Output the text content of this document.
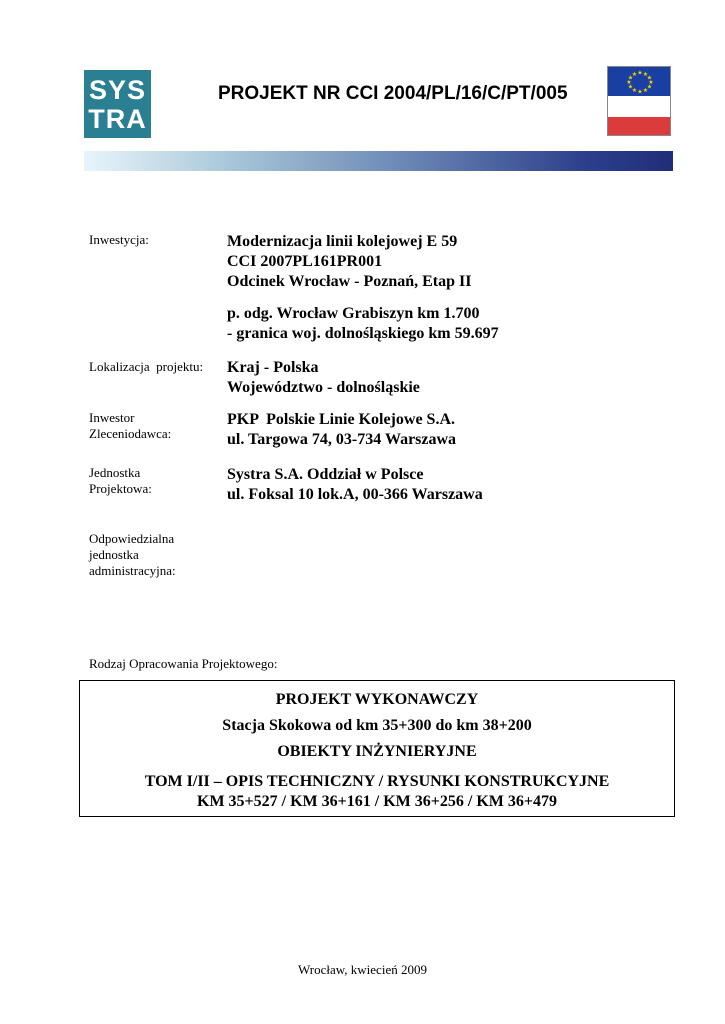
SYS
TRA
PROJEKT NR CCI 2004/PL/16/C/PT/005
★ ★
★
★
★
★
★
★
★
★
★
★
Inwestycja:	Modernizacja linii kolejowej E 59
CCI 2007PL161PR001
Odcinek Wrocław - Poznań, Etap II
p. odg. Wrocław Grabiszyn km 1.700
- granica woj. dolnośląskiego km 59.697
Lokalizacja  projektu: Kraj - Polska
Województwo - dolnośląskie
Inwestor
Zleceniodawca:
PKP  Polskie Linie Kolejowe S.A.
ul. Targowa 74, 03-734 Warszawa
Jednostka
Projektowa:
Systra S.A. Oddział w Polsce
ul. Foksal 10 lok.A, 00-366 Warszawa
Odpowiedzialna
jednostka
administracyjna:
Rodzaj Opracowania Projektowego:
PROJEKT WYKONAWCZY
Stacja Skokowa od km 35+300 do km 38+200
OBIEKTY INŻYNIERYJNE
TOM I/II – OPIS TECHNICZNY / RYSUNKI KONSTRUKCYJNE
KM 35+527 / KM 36+161 / KM 36+256 / KM 36+479
Wrocław, kwiecień 2009
